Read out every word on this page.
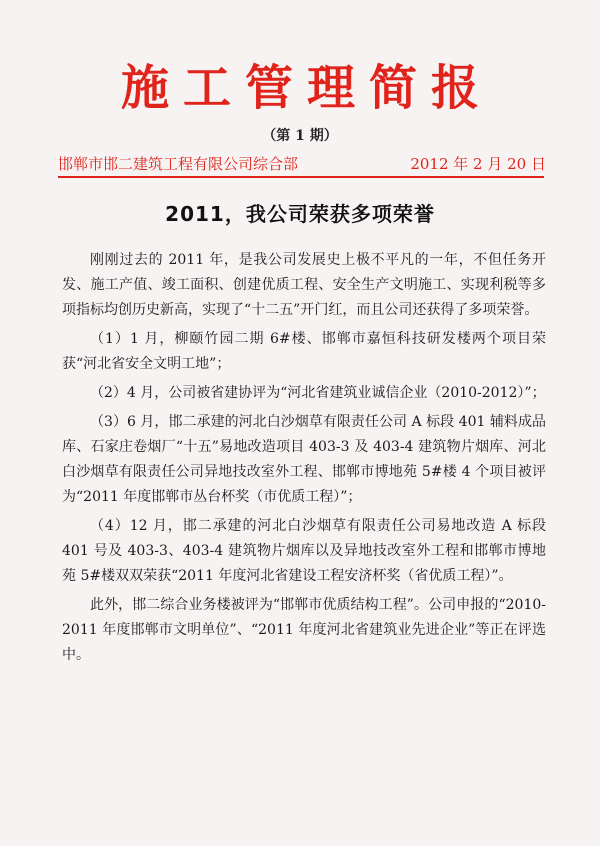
施工管理简报
（第 1 期）
邯郸市邯二建筑工程有限公司综合部	2012 年 2 月 20 日
2011，我公司荣获多项荣誉

刚刚过去的 2011 年，是我公司发展史上极不平凡的一年，不但任务开发、施工产值、竣工面积、创建优质工程、安全生产文明施工、实现利税等多项指标均创历史新高，实现了“十二五”开门红，而且公司还获得了多项荣誉。

（1）1 月，柳颐竹园二期 6#楼、邯郸市嘉恒科技研发楼两个项目荣获“河北省安全文明工地”；

（2）4 月，公司被省建协评为“河北省建筑业诚信企业（2010-2012）”；

（3）6 月，邯二承建的河北白沙烟草有限责任公司 A 标段 401 辅料成品库、石家庄卷烟厂“十五”易地改造项目 403-3 及 403-4 建筑物片烟库、河北白沙烟草有限责任公司异地技改室外工程、邯郸市博地苑 5#楼 4 个项目被评为“2011 年度邯郸市丛台杯奖（市优质工程）”；

（4）12 月，邯二承建的河北白沙烟草有限责任公司易地改造 A 标段 401 号及 403-3、403-4 建筑物片烟库以及异地技改室外工程和邯郸市博地苑 5#楼双双荣获“2011 年度河北省建设工程安济杯奖（省优质工程）”。

此外，邯二综合业务楼被评为“邯郸市优质结构工程”。公司申报的“2010-2011 年度邯郸市文明单位”、“2011 年度河北省建筑业先进企业”等正在评选中。
